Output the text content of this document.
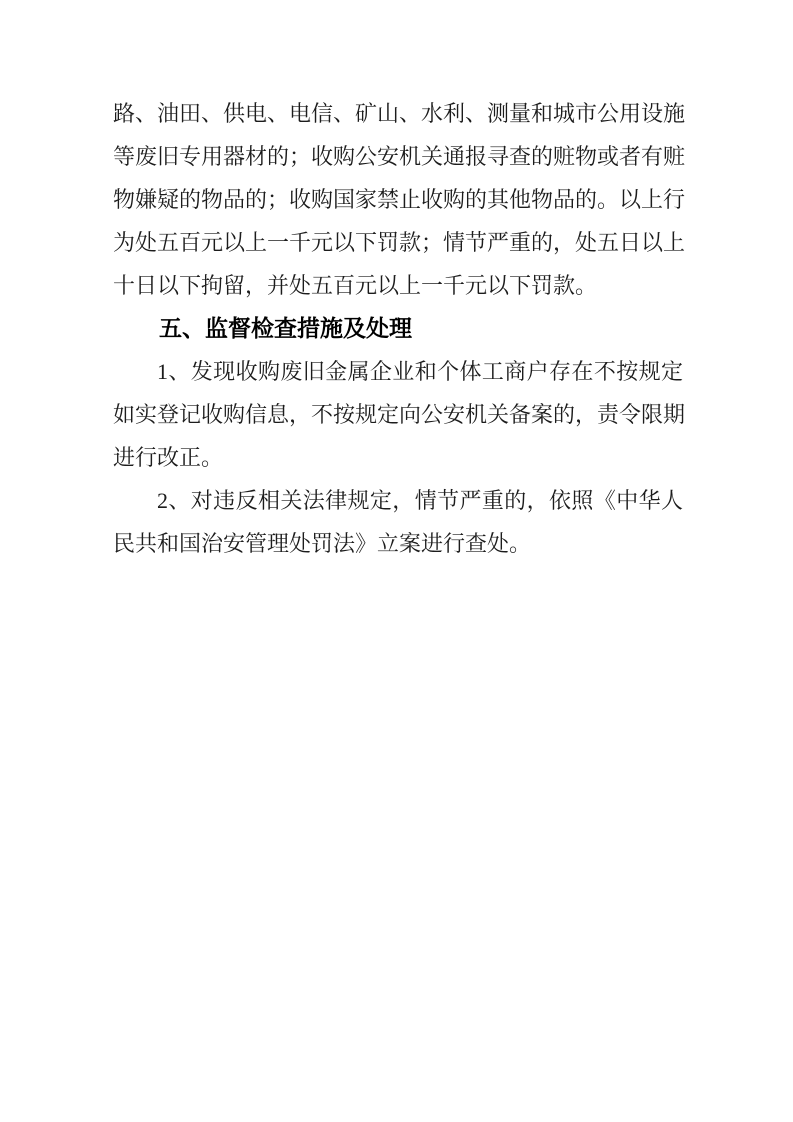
路、油田、供电、电信、矿山、水利、测量和城市公用设施
等废旧专用器材的；收购公安机关通报寻查的赃物或者有赃
物嫌疑的物品的；收购国家禁止收购的其他物品的。以上行
为处五百元以上一千元以下罚款；情节严重的，处五日以上
十日以下拘留，并处五百元以上一千元以下罚款。
五、监督检查措施及处理
1、发现收购废旧金属企业和个体工商户存在不按规定
如实登记收购信息，不按规定向公安机关备案的，责令限期
进行改正。
2、对违反相关法律规定，情节严重的，依照《中华人
民共和国治安管理处罚法》立案进行查处。
